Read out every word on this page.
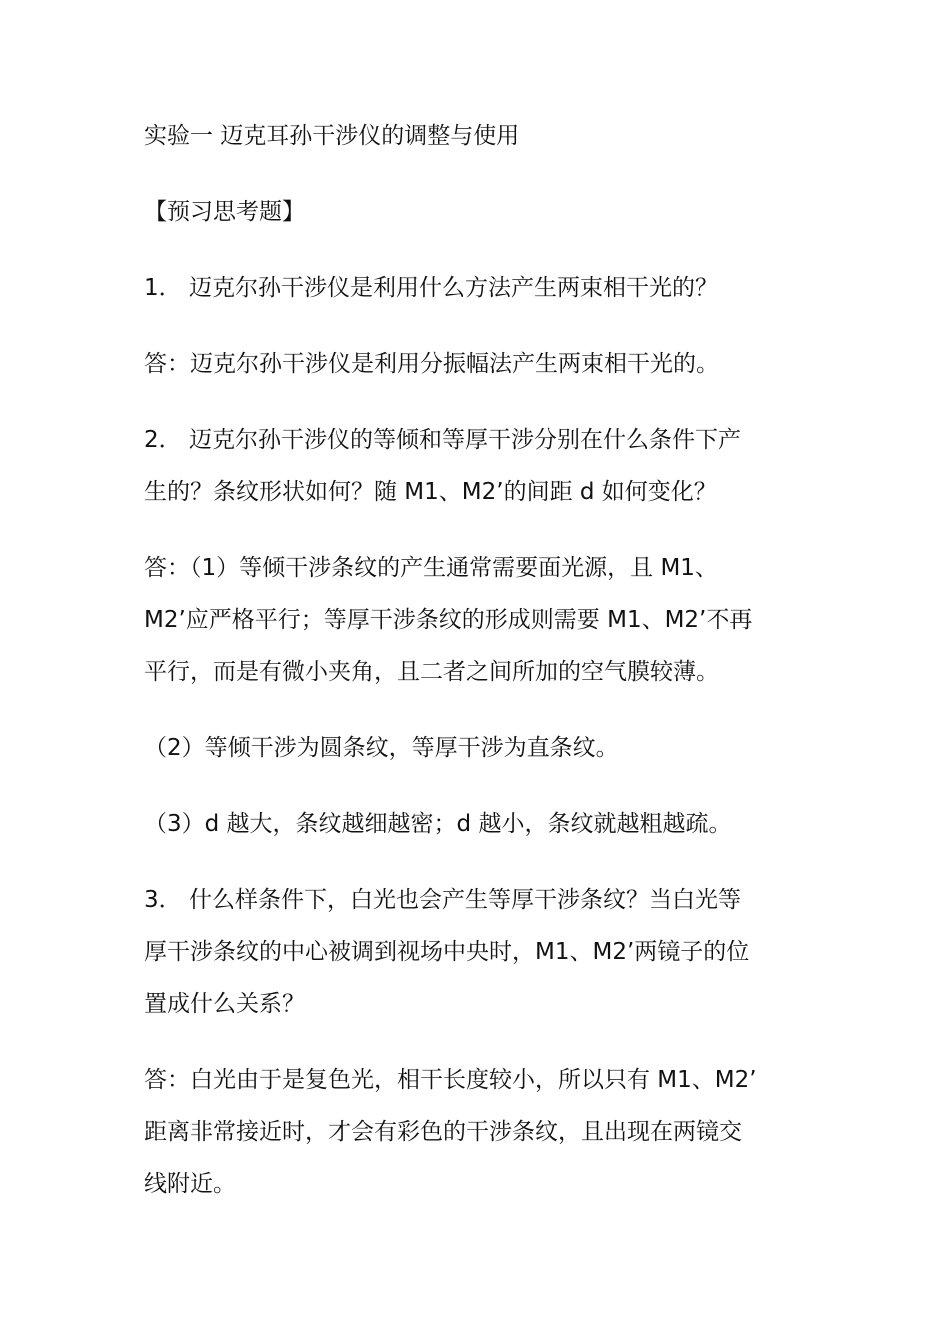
实验一 迈克耳孙干涉仪的调整与使用
【预习思考题】
1． 迈克尔孙干涉仪是利用什么方法产生两束相干光的？
答：迈克尔孙干涉仪是利用分振幅法产生两束相干光的。
2． 迈克尔孙干涉仪的等倾和等厚干涉分别在什么条件下产
生的？条纹形状如何？随 M1、M2’的间距 d 如何变化？
答：（1）等倾干涉条纹的产生通常需要面光源，且 M1、
M2’应严格平行；等厚干涉条纹的形成则需要 M1、M2’不再
平行，而是有微小夹角，且二者之间所加的空气膜较薄。
（2）等倾干涉为圆条纹，等厚干涉为直条纹。
（3）d 越大，条纹越细越密；d 越小，条纹就越粗越疏。
3． 什么样条件下，白光也会产生等厚干涉条纹？当白光等
厚干涉条纹的中心被调到视场中央时，M1、M2’两镜子的位
置成什么关系？
答：白光由于是复色光，相干长度较小，所以只有 M1、M2’
距离非常接近时，才会有彩色的干涉条纹，且出现在两镜交
线附近。
